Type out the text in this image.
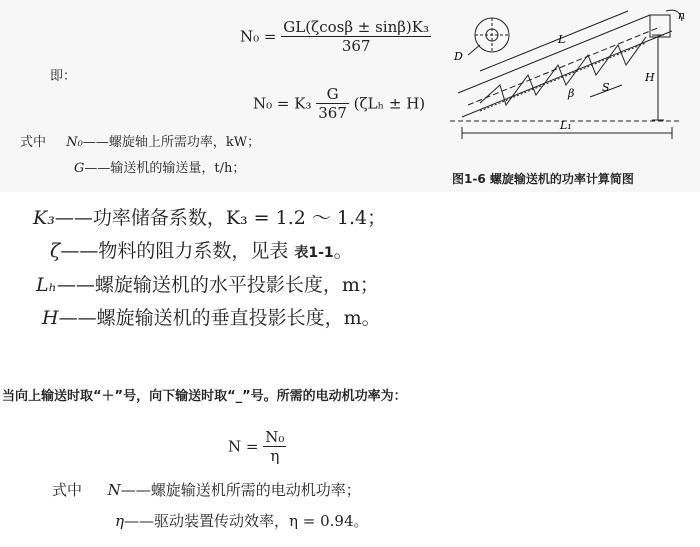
$N_0 = \frac{\text{GL(ζcosβ ± sinβ)K₃}}{367}$
即：
$N_0 = K_3 \frac{G}{367} (\zeta L_h \pm H)$
式中 N₀——螺旋轴上所需功率，kW；
G——输送机的输送量，t/h；
D
L
H
β	S
L₁
n
图1-6 螺旋输送机的功率计算简图
K₃——功率储备系数，K₃ = 1.2 ～ 1.4；
ζ——物料的阻力系数，见表 表1-1。
Lₕ——螺旋输送机的水平投影长度，m；
H——螺旋输送机的垂直投影长度，m。
当向上输送时取“＋”号，向下输送时取“_”号。所需的电动机功率为：
$N = \frac{\text{N₀}}{\eta}$
式中 N——螺旋输送机所需的电动机功率；
η——驱动装置传动效率，η = 0.94。
